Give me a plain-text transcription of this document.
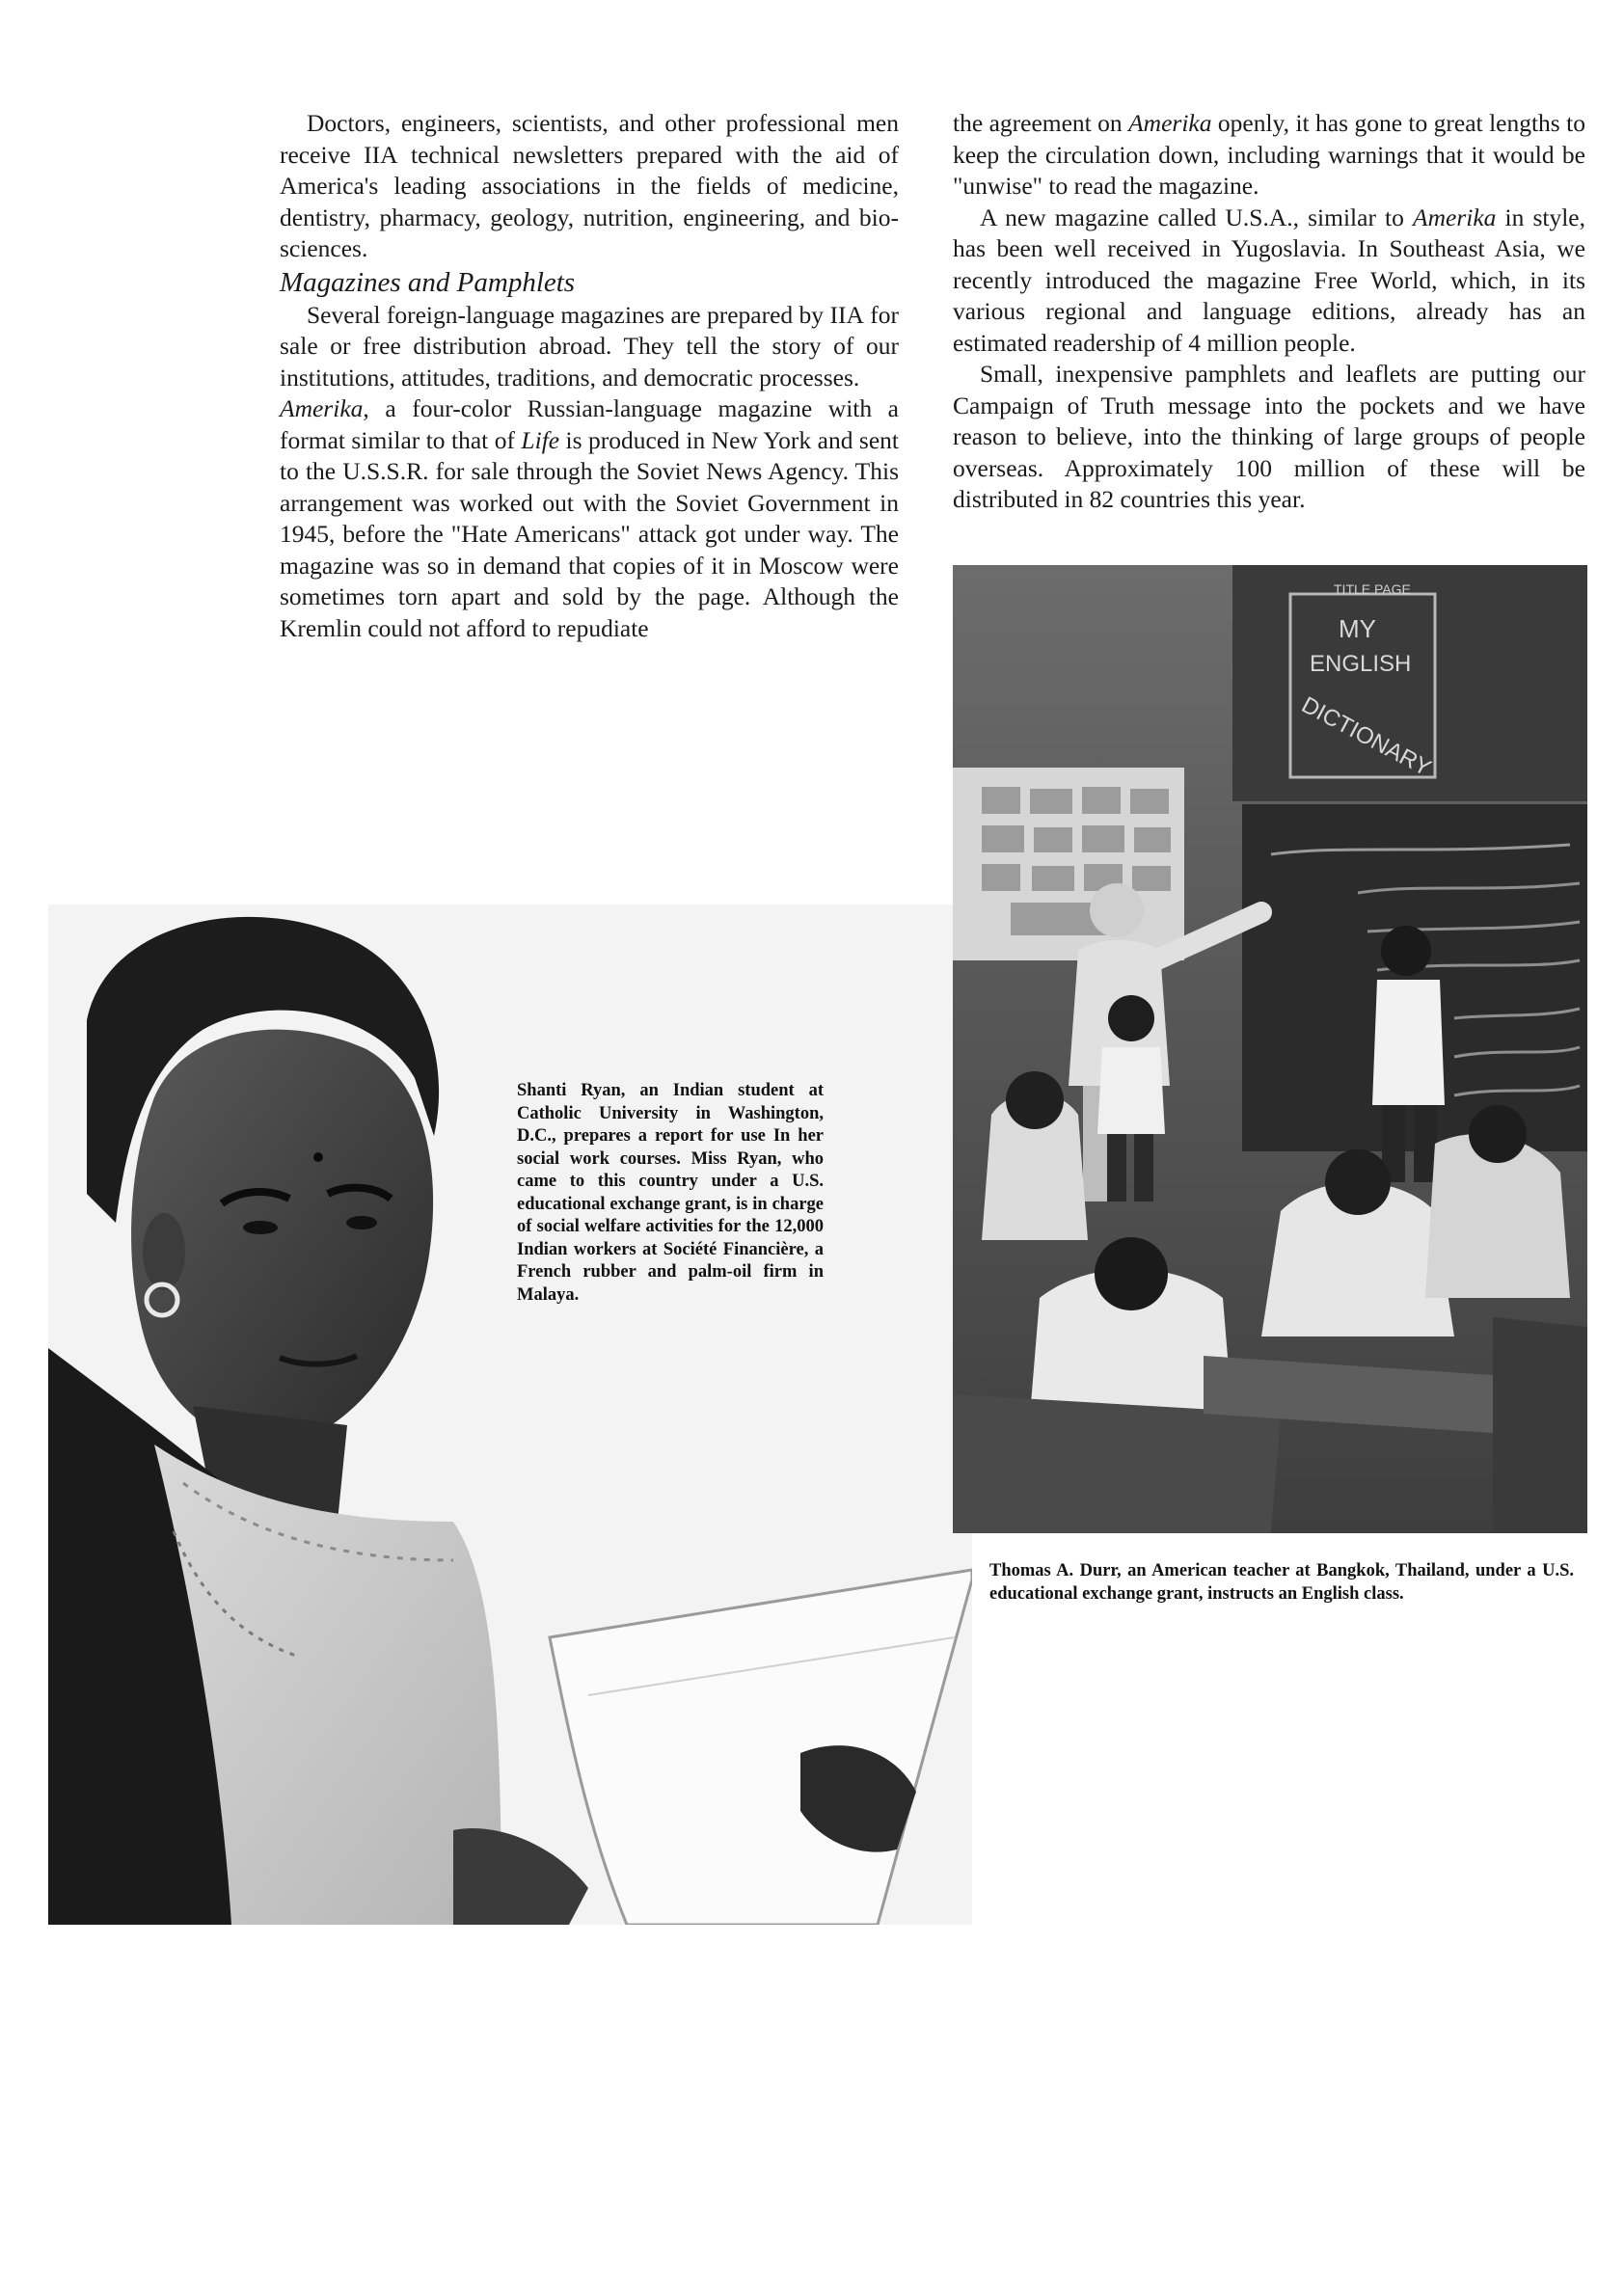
Doctors, engineers, scientists, and other professional men receive IIA technical newsletters prepared with the aid of America's leading associations in the fields of medicine, dentistry, pharmacy, geology, nutrition, engineering, and bio-sciences.

Magazines and Pamphlets

Several foreign-language magazines are prepared by IIA for sale or free distribution abroad. They tell the story of our institutions, attitudes, traditions, and democratic processes.

Amerika, a four-color Russian-language magazine with a format similar to that of Life is produced in New York and sent to the U.S.S.R. for sale through the Soviet News Agency. This arrangement was worked out with the Soviet Government in 1945, before the "Hate Americans" attack got under way. The magazine was so in demand that copies of it in Moscow were sometimes torn apart and sold by the page. Although the Kremlin could not afford to repudiate

the agreement on Amerika openly, it has gone to great lengths to keep the circulation down, including warnings that it would be "unwise" to read the magazine.

A new magazine called U.S.A., similar to Amerika in style, has been well received in Yugoslavia. In Southeast Asia, we recently introduced the magazine Free World, which, in its various regional and language editions, already has an estimated readership of 4 million people.

Small, inexpensive pamphlets and leaflets are putting our Campaign of Truth message into the pockets and we have reason to believe, into the thinking of large groups of people overseas. Approximately 100 million of these will be distributed in 82 countries this year.

Shanti Ryan, an Indian student at Catholic University in Washington, D.C., prepares a report for use In her social work courses. Miss Ryan, who came to this country under a U.S. educational exchange grant, is in charge of social welfare activities for the 12,000 Indian workers at Société Financière, a French rubber and palm-oil firm in Malaya.

TITLE PAGE
MY
ENGLISH
DICTIONARY

Thomas A. Durr, an American teacher at Bangkok, Thailand, under a U.S. educational exchange grant, instructs an English class.
